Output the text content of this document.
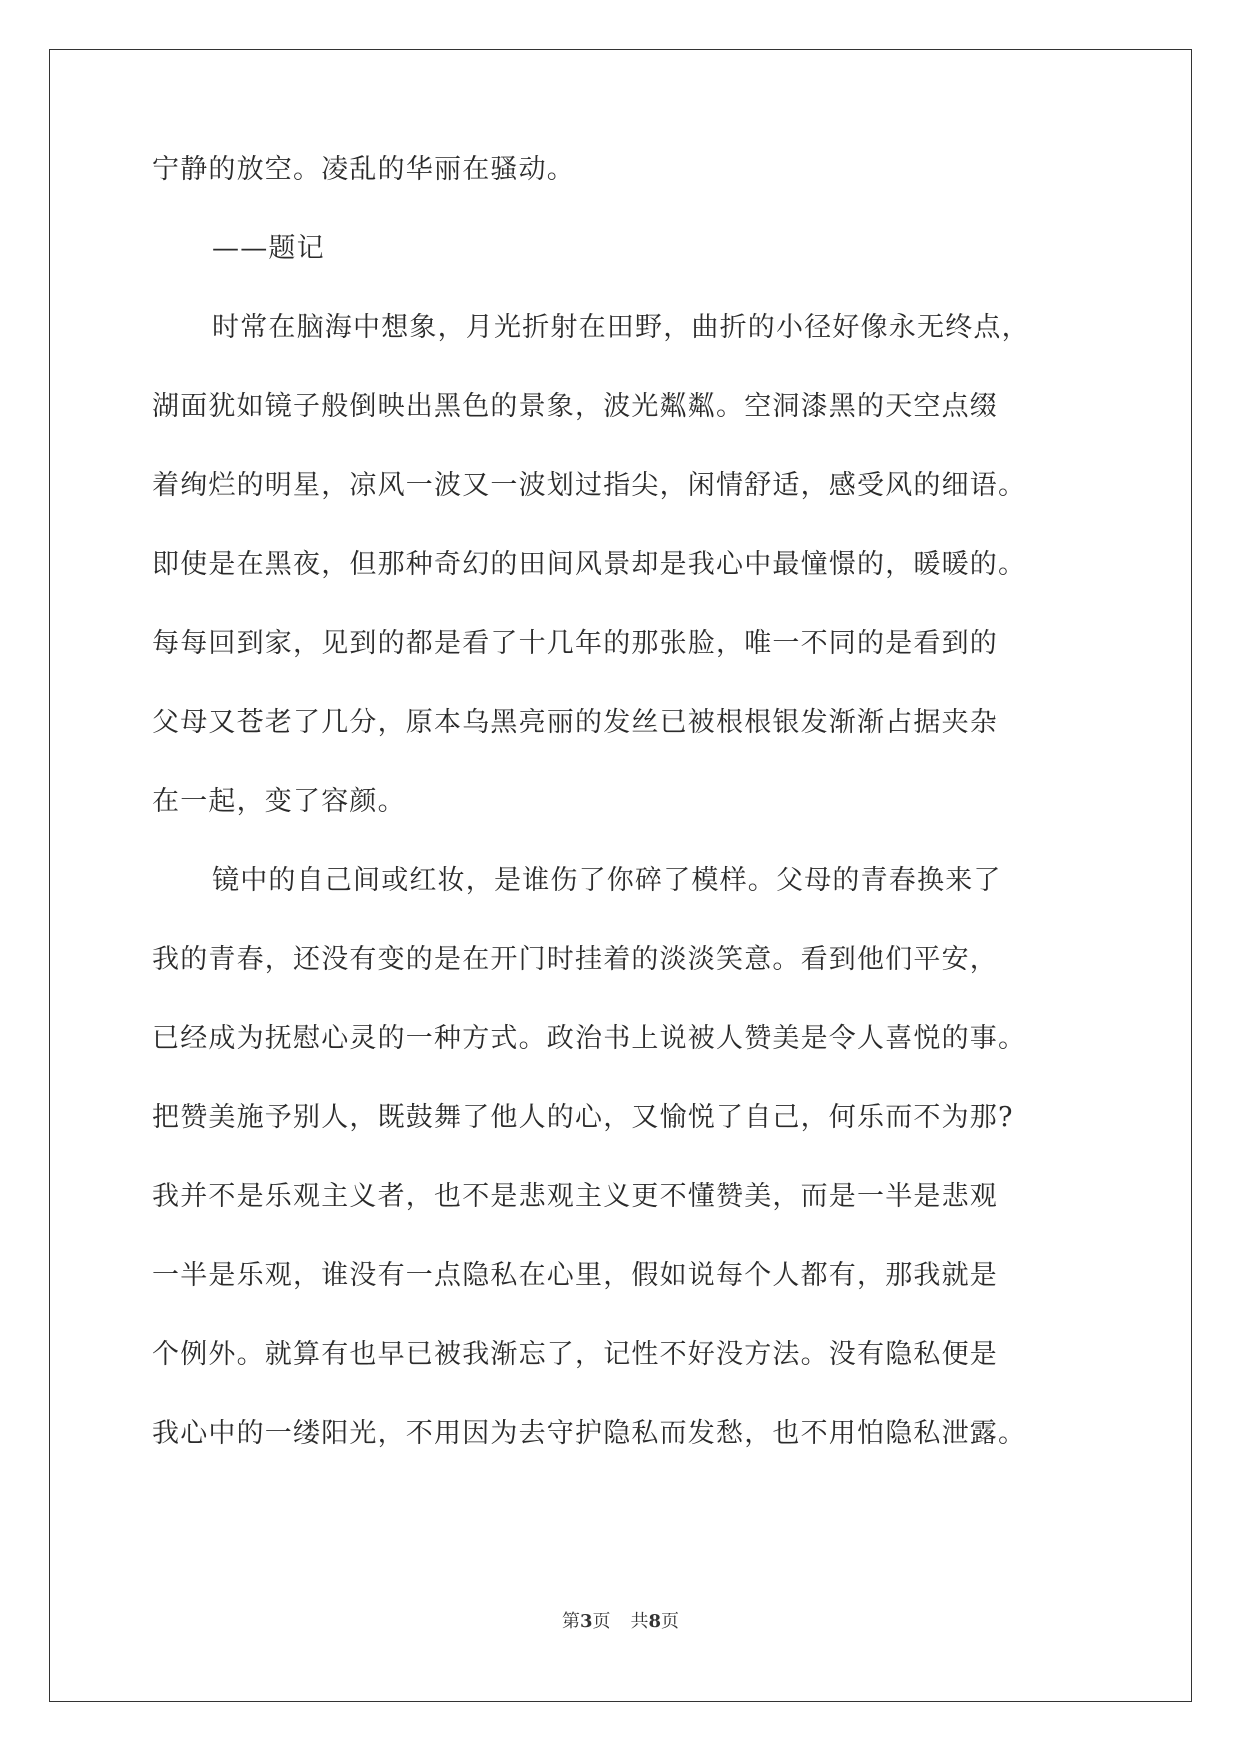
宁静的放空。凌乱的华丽在骚动。
——题记
时常在脑海中想象，月光折射在田野，曲折的小径好像永无终点，
湖面犹如镜子般倒映出黑色的景象，波光粼粼。空洞漆黑的天空点缀
着绚烂的明星，凉风一波又一波划过指尖，闲情舒适，感受风的细语。
即使是在黑夜，但那种奇幻的田间风景却是我心中最憧憬的，暖暖的。
每每回到家，见到的都是看了十几年的那张脸，唯一不同的是看到的
父母又苍老了几分，原本乌黑亮丽的发丝已被根根银发渐渐占据夹杂
在一起，变了容颜。
镜中的自己间或红妆，是谁伤了你碎了模样。父母的青春换来了
我的青春，还没有变的是在开门时挂着的淡淡笑意。看到他们平安，
已经成为抚慰心灵的一种方式。政治书上说被人赞美是令人喜悦的事。
把赞美施予别人，既鼓舞了他人的心，又愉悦了自己，何乐而不为那?
我并不是乐观主义者，也不是悲观主义更不懂赞美，而是一半是悲观
一半是乐观，谁没有一点隐私在心里，假如说每个人都有，那我就是
个例外。就算有也早已被我渐忘了，记性不好没方法。没有隐私便是
我心中的一缕阳光，不用因为去守护隐私而发愁，也不用怕隐私泄露。
第3页 共8页
